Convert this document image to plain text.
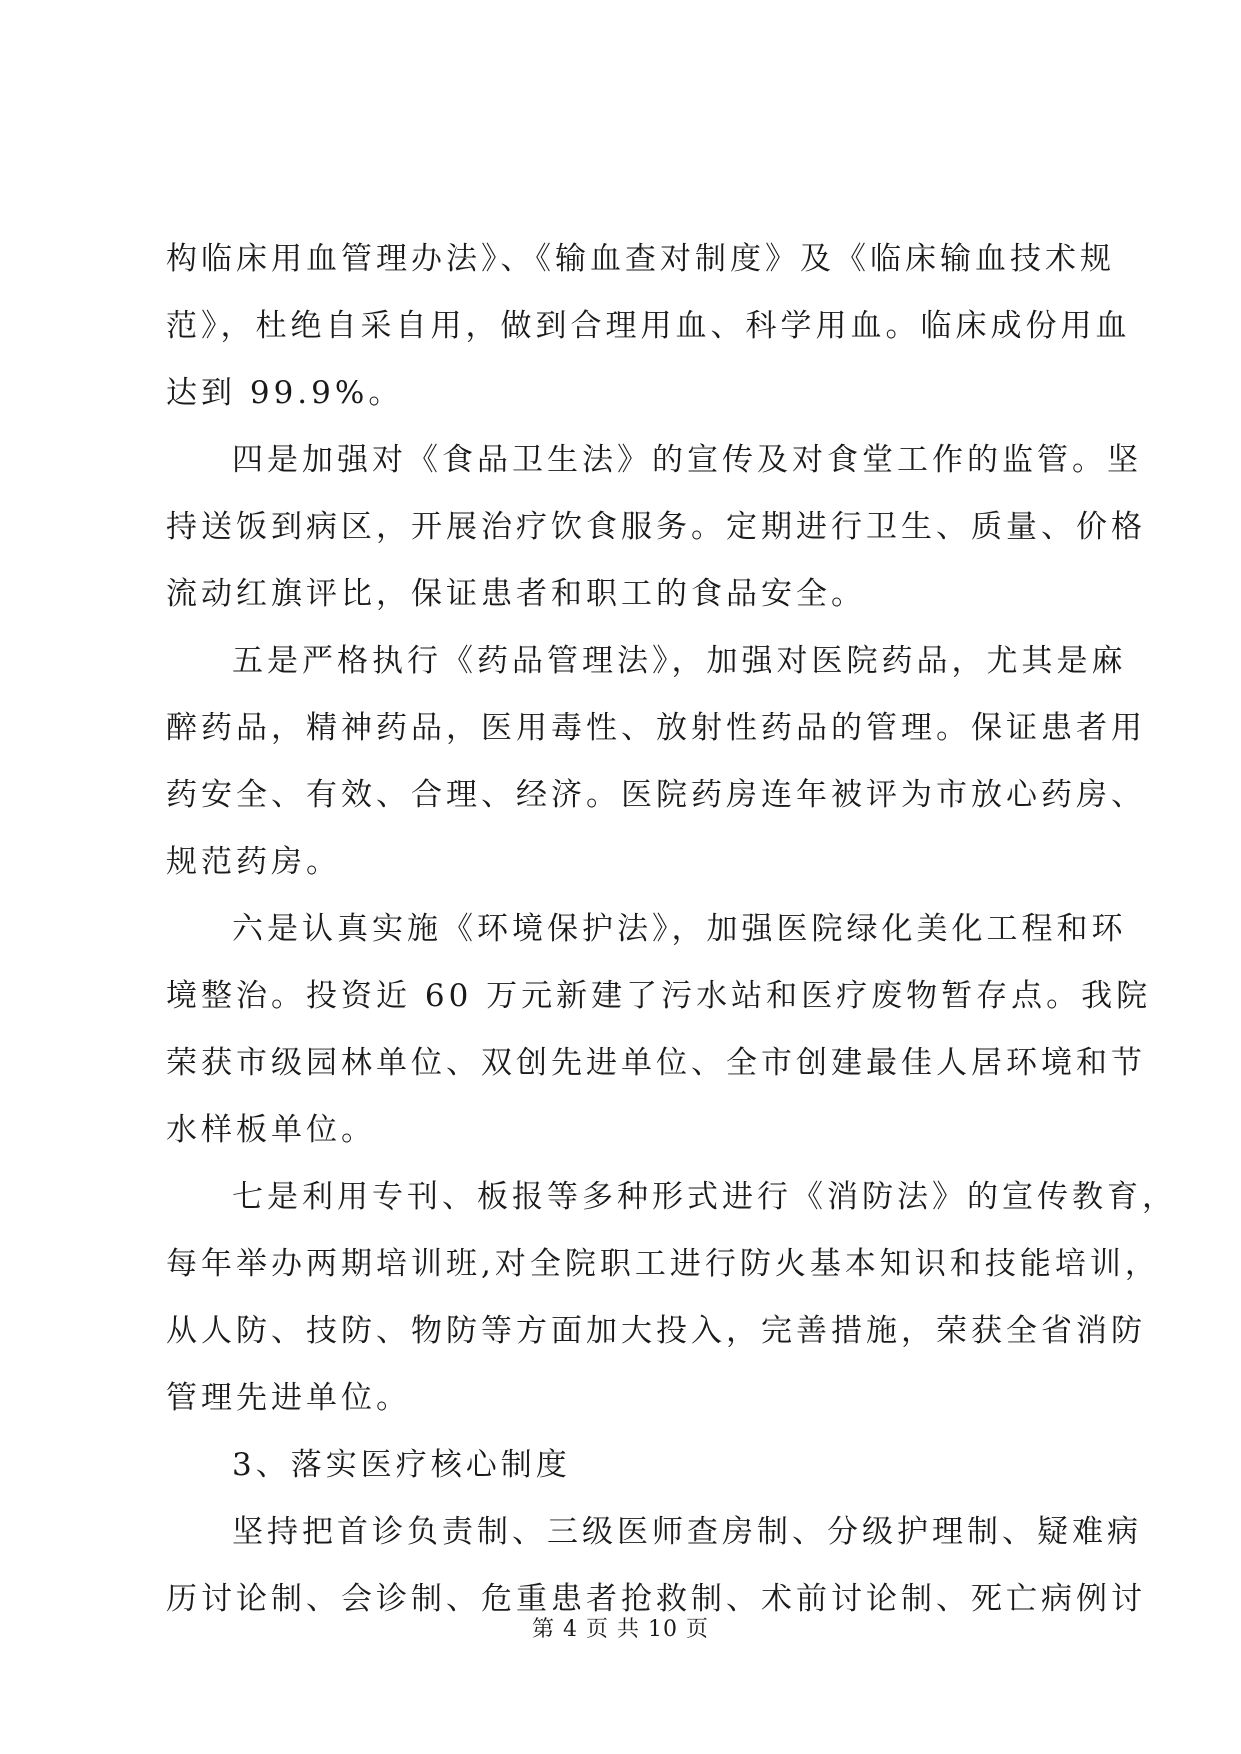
构临床用血管理办法》、《输血查对制度》及《临床输血技术规
范》，杜绝自采自用，做到合理用血、科学用血。临床成份用血
达到 99.9%。
四是加强对《食品卫生法》的宣传及对食堂工作的监管。坚
持送饭到病区，开展治疗饮食服务。定期进行卫生、质量、价格
流动红旗评比，保证患者和职工的食品安全。
五是严格执行《药品管理法》，加强对医院药品，尤其是麻
醉药品，精神药品，医用毒性、放射性药品的管理。保证患者用
药安全、有效、合理、经济。医院药房连年被评为市放心药房、
规范药房。
六是认真实施《环境保护法》，加强医院绿化美化工程和环
境整治。投资近 60 万元新建了污水站和医疗废物暂存点。我院
荣获市级园林单位、双创先进单位、全市创建最佳人居环境和节
水样板单位。
七是利用专刊、板报等多种形式进行《消防法》的宣传教育，
每年举办两期培训班,对全院职工进行防火基本知识和技能培训，
从人防、技防、物防等方面加大投入，完善措施，荣获全省消防
管理先进单位。
3、落实医疗核心制度
坚持把首诊负责制、三级医师查房制、分级护理制、疑难病
历讨论制、会诊制、危重患者抢救制、术前讨论制、死亡病例讨
第 4 页 共 10 页
